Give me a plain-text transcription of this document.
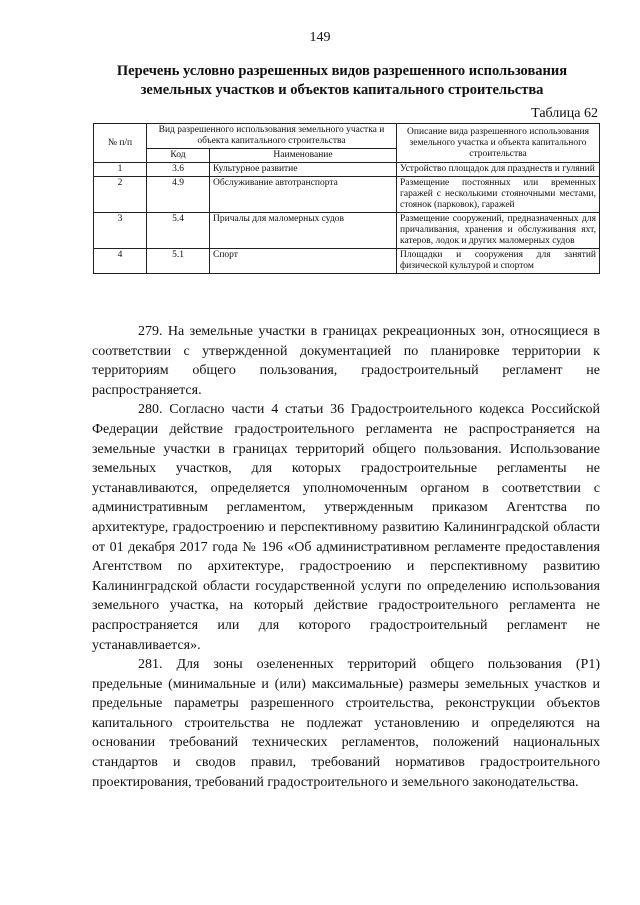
149
Перечень условно разрешенных видов разрешенного использования земельных участков и объектов капитального строительства
Таблица 62
№ п/п	Вид разрешенного использования земельного участка и объекта капитального строительства		Описание вида разрешенного использования земельного участка и объекта капитального строительства
	Код	Наименование	
1	3.6	Культурное развитие	Устройство площадок для празднеств и гуляний
2	4.9	Обслуживание автотранспорта	Размещение постоянных или временных гаражей с несколькими стояночными местами, стоянок (парковок), гаражей
3	5.4	Причалы для маломерных судов	Размещение сооружений, предназначенных для причаливания, хранения и обслуживания яхт, катеров, лодок и других маломерных судов
4	5.1	Спорт	Площадки и сооружения для занятий физической культурой и спортом

279. На земельные участки в границах рекреационных зон, относящиеся в соответствии с утвержденной документацией по планировке территории к территориям общего пользования, градостроительный регламент не распространяется.

280. Согласно части 4 статьи 36 Градостроительного кодекса Российской Федерации действие градостроительного регламента не распространяется на земельные участки в границах территорий общего пользования. Использование земельных участков, для которых градостроительные регламенты не устанавливаются, определяется уполномоченным органом в соответствии с административным регламентом, утвержденным приказом Агентства по архитектуре, градостроению и перспективному развитию Калининградской области от 01 декабря 2017 года № 196 «Об административном регламенте предоставления Агентством по архитектуре, градостроению и перспективному развитию Калининградской области государственной услуги по определению использования земельного участка, на который действие градостроительного регламента не распространяется или для которого градостроительный регламент не устанавливается».

281. Для зоны озелененных территорий общего пользования (Р1) предельные (минимальные и (или) максимальные) размеры земельных участков и предельные параметры разрешенного строительства, реконструкции объектов капитального строительства не подлежат установлению и определяются на основании требований технических регламентов, положений национальных стандартов и сводов правил, требований нормативов градостроительного проектирования, требований градостроительного и земельного законодательства.
